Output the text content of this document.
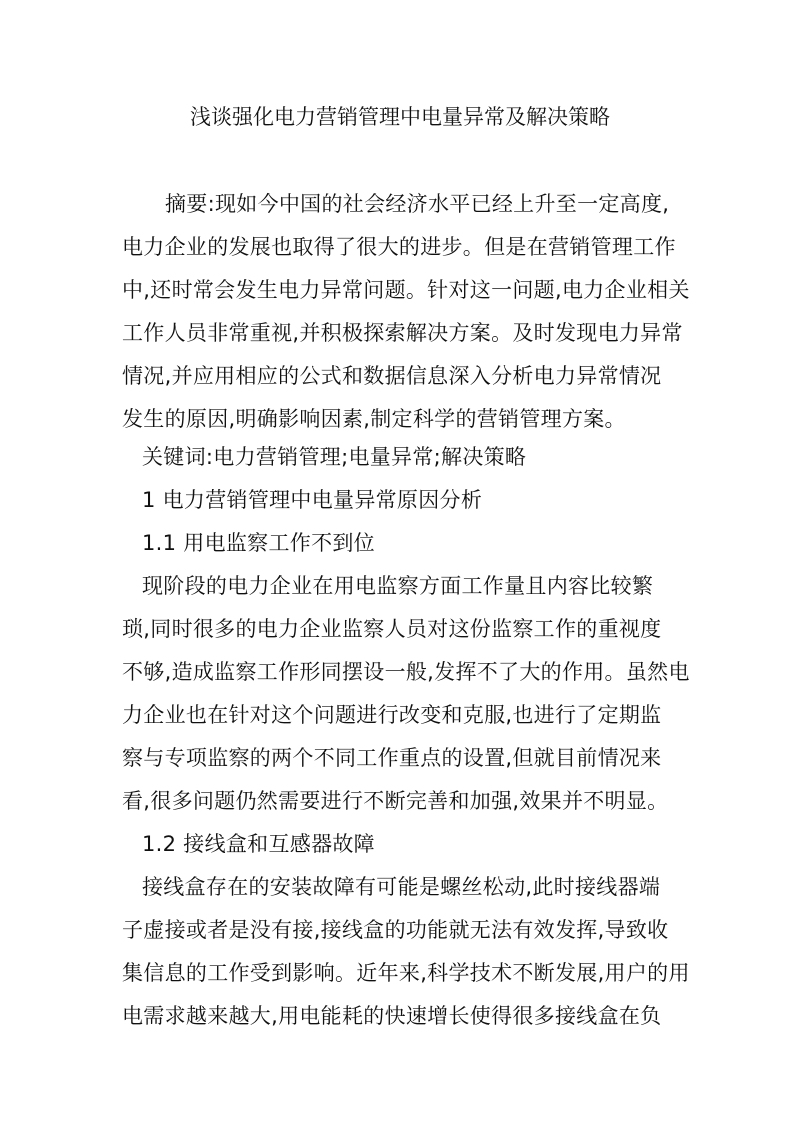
浅谈强化电力营销管理中电量异常及解决策略
摘要:现如今中国的社会经济水平已经上升至一定高度,
电力企业的发展也取得了很大的进步。但是在营销管理工作
中,还时常会发生电力异常问题。针对这一问题,电力企业相关
工作人员非常重视,并积极探索解决方案。及时发现电力异常
情况,并应用相应的公式和数据信息深入分析电力异常情况
发生的原因,明确影响因素,制定科学的营销管理方案。
关键词:电力营销管理;电量异常;解决策略
1 电力营销管理中电量异常原因分析
1.1 用电监察工作不到位
现阶段的电力企业在用电监察方面工作量且内容比较繁
琐,同时很多的电力企业监察人员对这份监察工作的重视度
不够,造成监察工作形同摆设一般,发挥不了大的作用。虽然电
力企业也在针对这个问题进行改变和克服,也进行了定期监
察与专项监察的两个不同工作重点的设置,但就目前情况来
看,很多问题仍然需要进行不断完善和加强,效果并不明显。
1.2 接线盒和互感器故障
接线盒存在的安装故障有可能是螺丝松动,此时接线器端
子虚接或者是没有接,接线盒的功能就无法有效发挥,导致收
集信息的工作受到影响。近年来,科学技术不断发展,用户的用
电需求越来越大,用电能耗的快速增长使得很多接线盒在负
